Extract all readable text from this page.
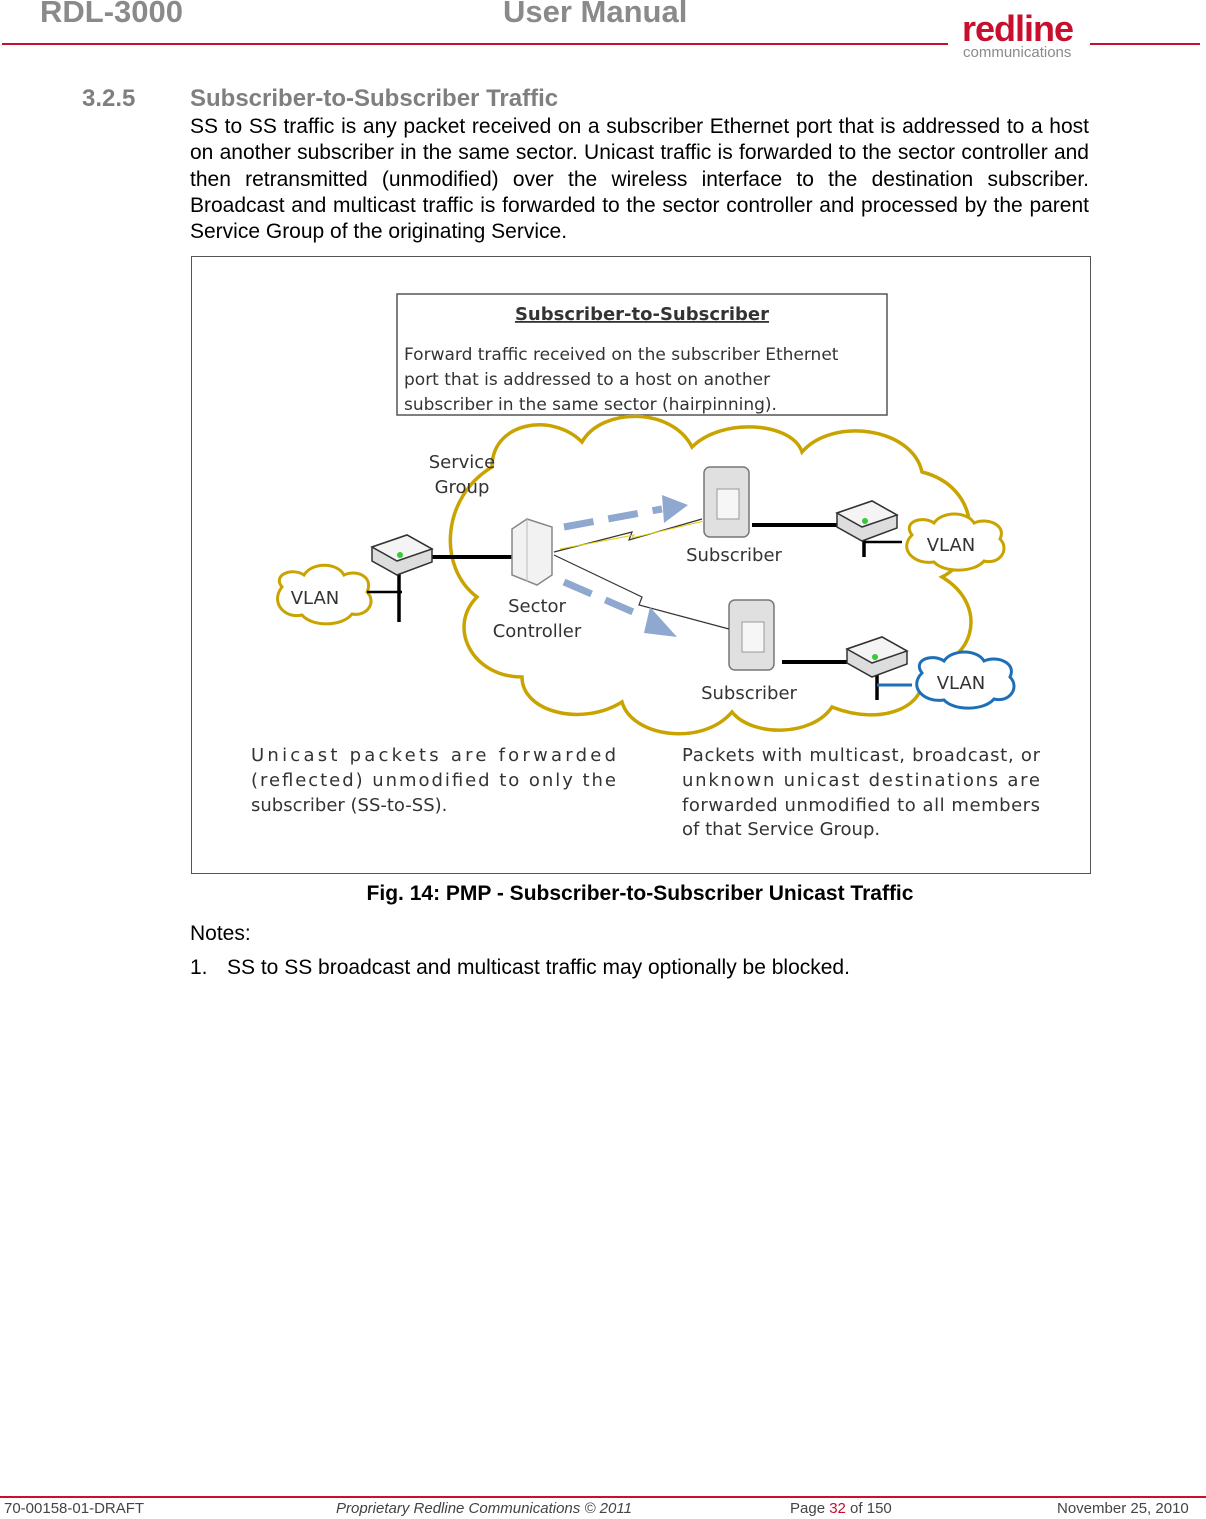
RDL-3000	User Manual	redline
communications
3.2.5 Subscriber-to-Subscriber Traffic
SS to SS traffic is any packet received on a subscriber Ethernet port that is addressed to a host on another subscriber in the same sector. Unicast traffic is forwarded to the sector controller and then retransmitted (unmodified) over the wireless interface to the destination subscriber. Broadcast and multicast traffic is forwarded to the sector controller and processed by the parent Service Group of the originating Service.
Subscriber-to-Subscriber
Forward traffic received on the subscriber Ethernet
port that is addressed to a host on another
subscriber in the same sector (hairpinning).
VLAN
VLAN
VLAN
Service
Group
Sector
Controller
Subscriber
Subscriber
Unicast packets are forwarded
(reflected) unmodified to only the
subscriber (SS-to-SS).
Packets with multicast, broadcast, or
unknown unicast destinations are
forwarded unmodified to all members
of that Service Group.
Fig. 14: PMP - Subscriber-to-Subscriber Unicast Traffic
Notes:
1. SS to SS broadcast and multicast traffic may optionally be blocked.
70-00158-01-DRAFT	Proprietary Redline Communications © 2011	Page 32 of 150	November 25, 2010
